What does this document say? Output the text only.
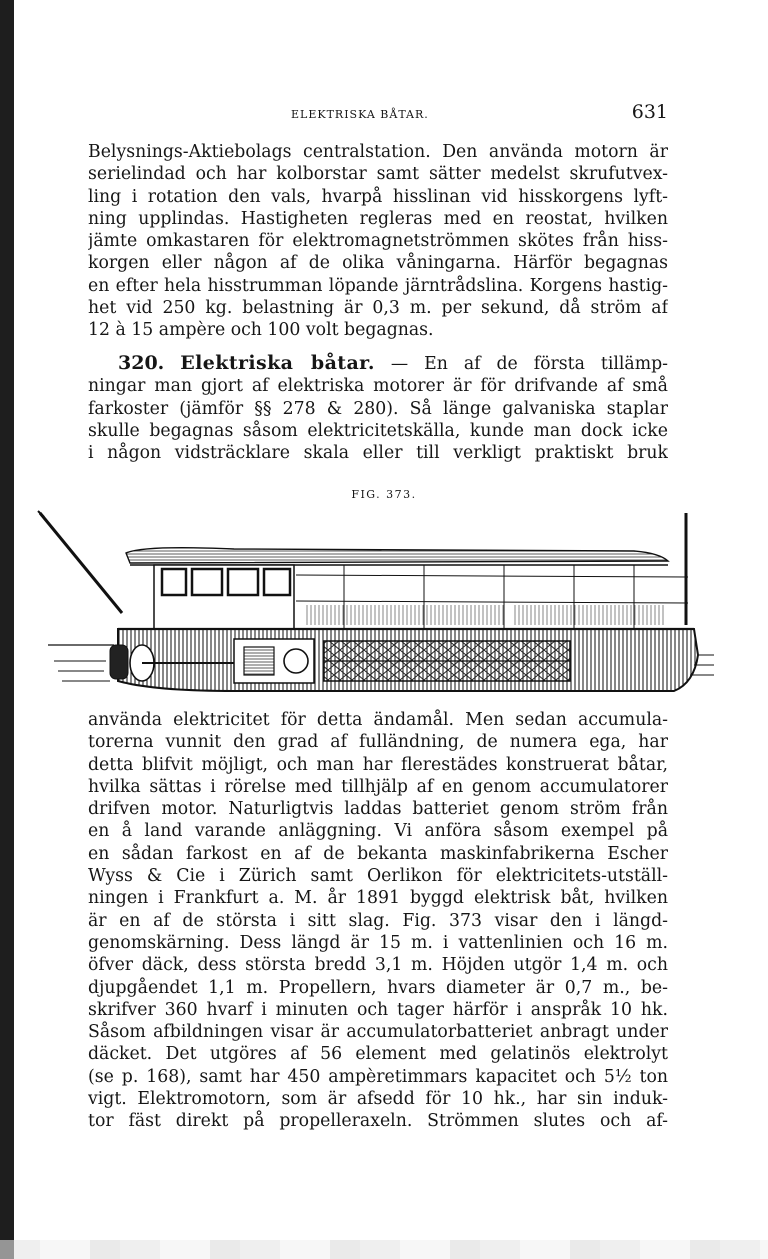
ELEKTRISKA BÅTAR.	631
Belysnings-Aktiebolags centralstation. Den använda motorn är
serielindad och har kolborstar samt sätter medelst skrufutvex-
ling i rotation den vals, hvarpå hisslinan vid hisskorgens lyft-
ning upplindas. Hastigheten regleras med en reostat, hvilken
jämte omkastaren för elektromagnetströmmen skötes från hiss-
korgen eller någon af de olika våningarna. Härför begagnas
en efter hela hisstrumman löpande järntrådslina. Korgens hastig-
het vid 250 kg. belastning är 0,3 m. per sekund, då ström af
12 à 15 ampère och 100 volt begagnas.
320. Elektriska båtar. — En af de första tillämp-
ningar man gjort af elektriska motorer är för drifvande af små
farkoster (jämför §§ 278 & 280). Så länge galvaniska staplar
skulle begagnas såsom elektricitetskälla, kunde man dock icke
i någon vidsträcklare skala eller till verkligt praktiskt bruk
FIG. 373.
använda elektricitet för detta ändamål. Men sedan accumula-
torerna vunnit den grad af fulländning, de numera ega, har
detta blifvit möjligt, och man har flerestädes konstruerat båtar,
hvilka sättas i rörelse med tillhjälp af en genom accumulatorer
drifven motor. Naturligtvis laddas batteriet genom ström från
en å land varande anläggning. Vi anföra såsom exempel på
en sådan farkost en af de bekanta maskinfabrikerna Escher
Wyss & Cie i Zürich samt Oerlikon för elektricitets-utställ-
ningen i Frankfurt a. M. år 1891 byggd elektrisk båt, hvilken
är en af de största i sitt slag. Fig. 373 visar den i längd-
genomskärning. Dess längd är 15 m. i vattenlinien och 16 m.
öfver däck, dess största bredd 3,1 m. Höjden utgör 1,4 m. och
djupgåendet 1,1 m. Propellern, hvars diameter är 0,7 m., be-
skrifver 360 hvarf i minuten och tager härför i anspråk 10 hk.
Såsom afbildningen visar är accumulatorbatteriet anbragt under
däcket. Det utgöres af 56 element med gelatinös elektrolyt
(se p. 168), samt har 450 ampèretimmars kapacitet och 5½ ton
vigt. Elektromotorn, som är afsedd för 10 hk., har sin induk-
tor fäst direkt på propelleraxeln. Strömmen slutes och af-
